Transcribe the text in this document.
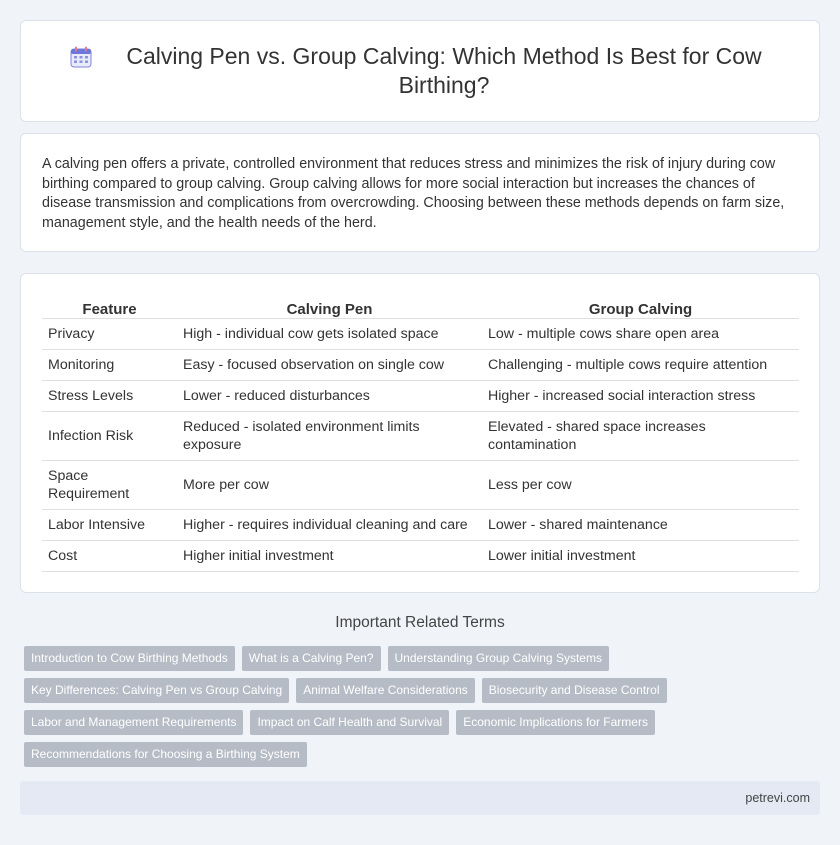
Calving Pen vs. Group Calving: Which Method Is Best for Cow Birthing?

A calving pen offers a private, controlled environment that reduces stress and minimizes the risk of injury during cow birthing compared to group calving. Group calving allows for more social interaction but increases the chances of disease transmission and complications from overcrowding. Choosing between these methods depends on farm size, management style, and the health needs of the herd.

Feature	Calving Pen	Group Calving
Privacy	High - individual cow gets isolated space	Low - multiple cows share open area
Monitoring	Easy - focused observation on single cow	Challenging - multiple cows require attention
Stress Levels	Lower - reduced disturbances	Higher - increased social interaction stress
Infection Risk	Reduced - isolated environment limits exposure	Elevated - shared space increases contamination
Space Requirement	More per cow	Less per cow
Labor Intensive	Higher - requires individual cleaning and care	Lower - shared maintenance
Cost	Higher initial investment	Lower initial investment
Important Related Terms
Introduction to Cow Birthing Methods	What is a Calving Pen?	Understanding Group Calving Systems
Key Differences: Calving Pen vs Group Calving	Animal Welfare Considerations	Biosecurity and Disease Control
Labor and Management Requirements	Impact on Calf Health and Survival	Economic Implications for Farmers
Recommendations for Choosing a Birthing System
petrevi.com
